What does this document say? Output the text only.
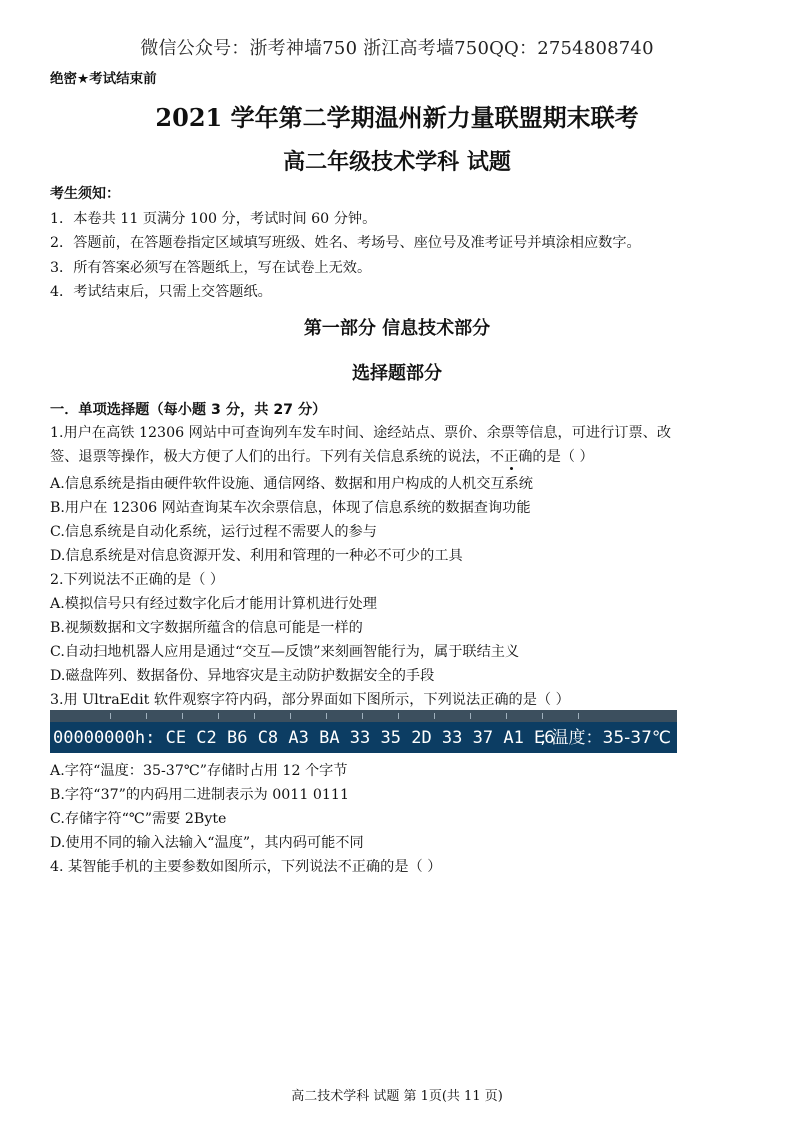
微信公众号：浙考神墙750 浙江高考墙750QQ：2754808740
绝密★考试结束前
2021 学年第二学期温州新力量联盟期末联考
高二年级技术学科 试题
考生须知：
1．本卷共 11 页满分 100 分，考试时间 60 分钟。
2．答题前，在答题卷指定区域填写班级、姓名、考场号、座位号及准考证号并填涂相应数字。
3．所有答案必须写在答题纸上，写在试卷上无效。
4．考试结束后，只需上交答题纸。
第一部分 信息技术部分
选择题部分
一．单项选择题（每小题 3 分，共 27 分）
1.用户在高铁 12306 网站中可查询列车发车时间、途经站点、票价、余票等信息，可进行订票、改
签、退票等操作，极大方便了人们的出行。下列有关信息系统的说法，不正确的是（ ）
A.信息系统是指由硬件软件设施、通信网络、数据和用户构成的人机交互系统
B.用户在 12306 网站查询某车次余票信息，体现了信息系统的数据查询功能
C.信息系统是自动化系统，运行过程不需要人的参与
D.信息系统是对信息资源开发、利用和管理的一种必不可少的工具
2.下列说法不正确的是（ ）
A.模拟信号只有经过数字化后才能用计算机进行处理
B.视频数据和文字数据所蕴含的信息可能是一样的
C.自动扫地机器人应用是通过“交互—反馈”来刻画智能行为，属于联结主义
D.磁盘阵列、数据备份、异地容灾是主动防护数据安全的手段
3.用 UltraEdit 软件观察字符内码，部分界面如下图所示，下列说法正确的是（ ）
00000000h: CE C2 B6 C8 A3 BA 33 35 2D 33 37 A1 E6
; 温度：35-37℃
A.字符“温度：35-37℃”存储时占用 12 个字节
B.字符“37”的内码用二进制表示为 0011 0111
C.存储字符“℃”需要 2Byte
D.使用不同的输入法输入“温度”，其内码可能不同
4. 某智能手机的主要参数如图所示，下列说法不正确的是（ ）
高二技术学科 试题 第 1页(共 11 页)
